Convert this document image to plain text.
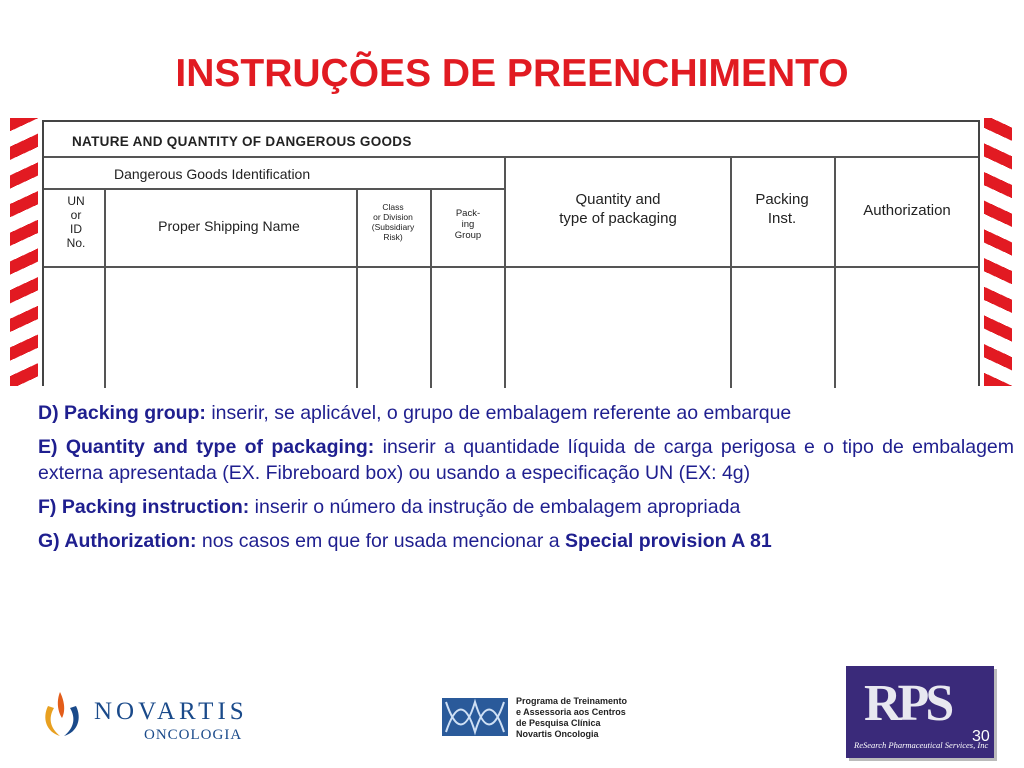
INSTRUÇÕES DE PREENCHIMENTO
NATURE AND QUANTITY OF DANGEROUS GOODS
Dangerous Goods Identification
UN
or
ID
No.
Proper Shipping Name
Class
or Division
(Subsidiary
Risk)
Pack-
ing
Group
Quantity and
type of packaging
Packing
Inst.	Authorization

D) Packing group: inserir, se aplicável, o grupo de embalagem referente ao embarque

E) Quantity and type of packaging: inserir a quantidade líquida de carga perigosa e o tipo de embalagem externa apresentada (EX. Fibreboard box) ou usando a especificação UN (EX: 4g)

F) Packing instruction: inserir o número da instrução de embalagem apropriada

G) Authorization: nos casos em que for usada mencionar a Special provision A 81

NOVARTIS
ONCOLOGIA
Programa de Treinamento
e Assessoria aos Centros
de Pesquisa Clínica
Novartis Oncologia
RPS
ReSearch Pharmaceutical Services, Inc
30
